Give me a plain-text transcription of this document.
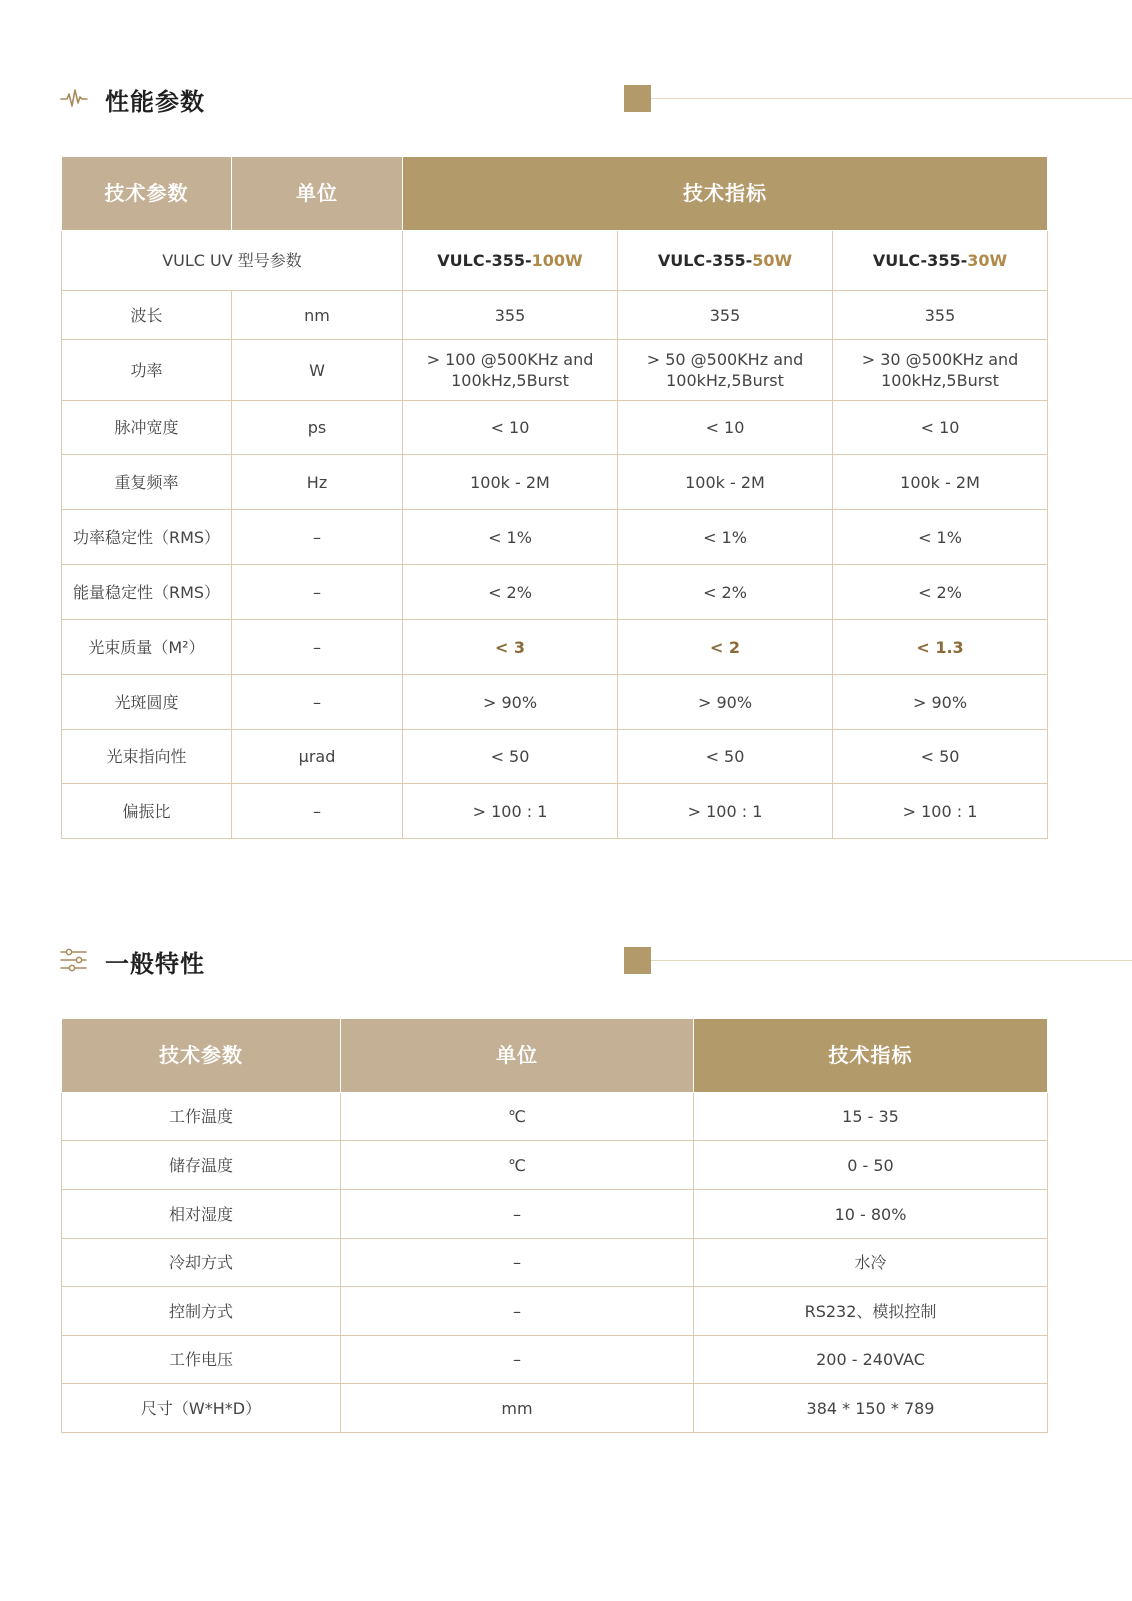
性能参数
技术参数	单位	技术指标		
VULC UV 型号参数		VULC-355-100W	VULC-355-50W	VULC-355-30W
波长	nm	355	355	355
功率	W	> 100 @500KHz and 100kHz,5Burst	> 50 @500KHz and 100kHz,5Burst	> 30 @500KHz and 100kHz,5Burst
脉冲宽度	ps	< 10	< 10	< 10
重复频率	Hz	100k - 2M	100k - 2M	100k - 2M
功率稳定性（RMS）	–	< 1%	< 1%	< 1%
能量稳定性（RMS）	–	< 2%	< 2%	< 2%
光束质量（M²）	–	< 3	< 2	< 1.3
光斑圆度	–	> 90%	> 90%	> 90%
光束指向性	μrad	< 50	< 50	< 50
偏振比	–	> 100 : 1	> 100 : 1	> 100 : 1
一般特性
技术参数	单位	技术指标
工作温度	℃	15 - 35
储存温度	℃	0 - 50
相对湿度	–	10 - 80%
冷却方式	–	水冷
控制方式	–	RS232、模拟控制
工作电压	–	200 - 240VAC
尺寸（W*H*D）	mm	384 * 150 * 789
